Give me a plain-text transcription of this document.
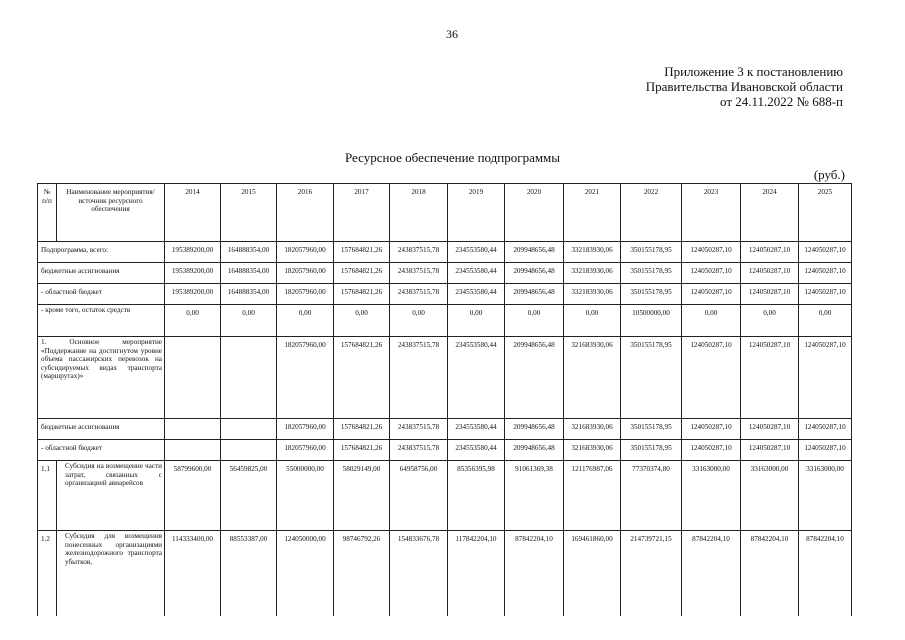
36
Приложение 3 к постановлению
Правительства Ивановской области
от 24.11.2022 № 688-п
Ресурсное обеспечение подпрограммы
(руб.)
№ п/п	Наименование мероприятия/ источник ресурсного обеспечения	2014	2015	2016	2017	2018	2019	2020	2021	2022	2023	2024	2025
Подпрограмма, всего:		195389200,00	164888354,00	182057960,00	157684821,26	243837515,78	234553580,44	209948656,48	332183930,06	350155178,95	124050287,10	124050287,10	124050287,10
бюджетные ассигнования		195389200,00	164888354,00	182057960,00	157684821,26	243837515,78	234553580,44	209948656,48	332183930,06	350155178,95	124050287,10	124050287,10	124050287,10
- областной бюджет		195389200,00	164888354,00	182057960,00	157684821,26	243837515,78	234553580,44	209948656,48	332183930,06	350155178,95	124050287,10	124050287,10	124050287,10
- кроме того, остаток средств		0,00	0,00	0,00	0,00	0,00	0,00	0,00	0,00	10500000,00	0,00	0,00	0,00
1. Основное мероприятие «Поддержание на достигнутом уровне объема пассажирских перевозок на субсидируемых видах транспорта (маршрутах)»				182057960,00	157684821,26	243837515,78	234553580,44	209948656,48	321683930,06	350155178,95	124050287,10	124050287,10	124050287,10
бюджетные ассигнования				182057960,00	157684821,26	243837515,78	234553580,44	209948656,48	321683930,06	350155178,95	124050287,10	124050287,10	124050287,10
- областной бюджет				182057960,00	157684821,26	243837515,78	234553580,44	209948656,48	321683930,06	350155178,95	124050287,10	124050287,10	124050287,10
1.1	Субсидия на возмещение части затрат, связанных с организацией авиарейсов	58799600,00	56459825,00	55000000,00	58029149,00	64958756,00	85356395,98	91061369,38	121176987,06	77370374,80	33163000,00	33163000,00	33163000,00
1.2	Субсидия для возмещения понесенных организациями железнодорожного транспорта убытков,	114333400,00	88553387,00	124050000,00	98746792,26	154833676,78	117842204,10	87842204,10	169461860,00	214739721,15	87842204,10	87842204,10	87842204,10
